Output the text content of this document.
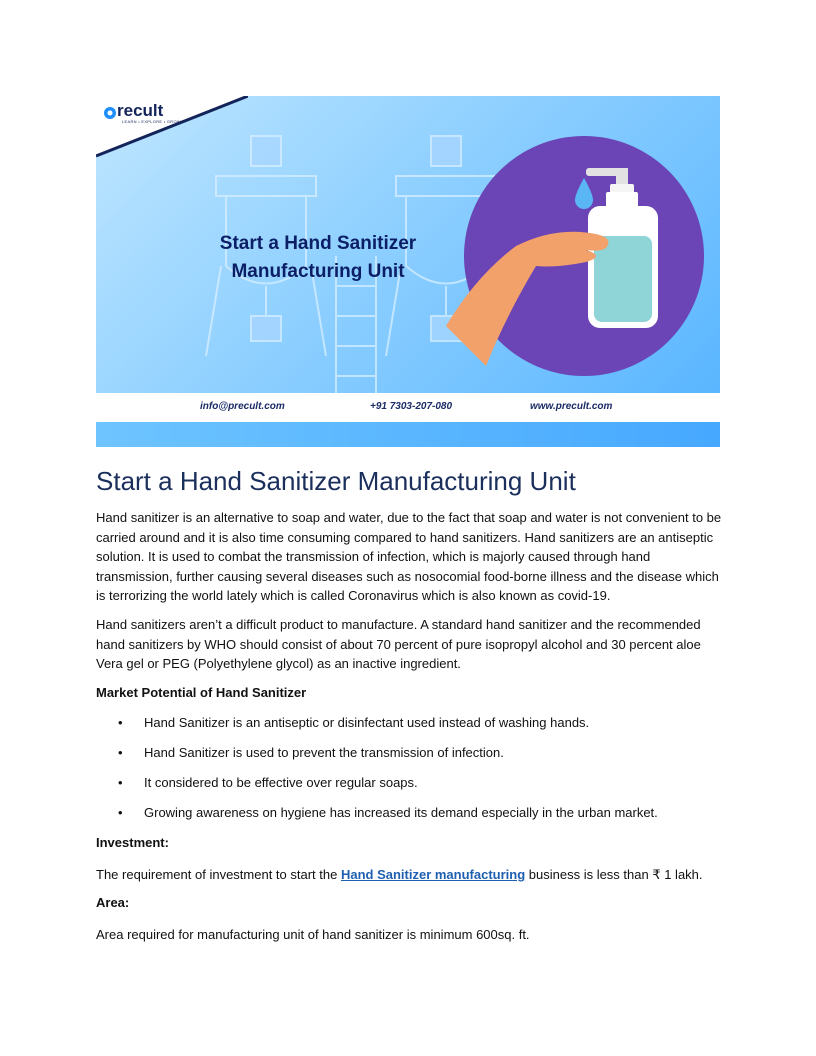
recult
LEARN • EXPLORE • GROW
Start a Hand Sanitizer
Manufacturing Unit
info@precult.com	+91 7303-207-080	www.precult.com
Start a Hand Sanitizer Manufacturing Unit

Hand sanitizer is an alternative to soap and water, due to the fact that soap and water is not convenient to be carried around and it is also time consuming compared to hand sanitizers. Hand sanitizers are an antiseptic solution. It is used to combat the transmission of infection, which is majorly caused through hand transmission, further causing several diseases such as nosocomial food-borne illness and the disease which is terrorizing the world lately which is called Coronavirus which is also known as covid-19.

Hand sanitizers aren’t a difficult product to manufacture. A standard hand sanitizer and the recommended hand sanitizers by WHO should consist of about 70 percent of pure isopropyl alcohol and 30 percent aloe Vera gel or PEG (Polyethylene glycol) as an inactive ingredient.

Market Potential of Hand Sanitizer

• Hand Sanitizer is an antiseptic or disinfectant used instead of washing hands.
• Hand Sanitizer is used to prevent the transmission of infection.
• It considered to be effective over regular soaps.
• Growing awareness on hygiene has increased its demand especially in the urban market.

Investment:

The requirement of investment to start the Hand Sanitizer manufacturing business is less than ₹ 1 lakh.

Area:

Area required for manufacturing unit of hand sanitizer is minimum 600sq. ft.
